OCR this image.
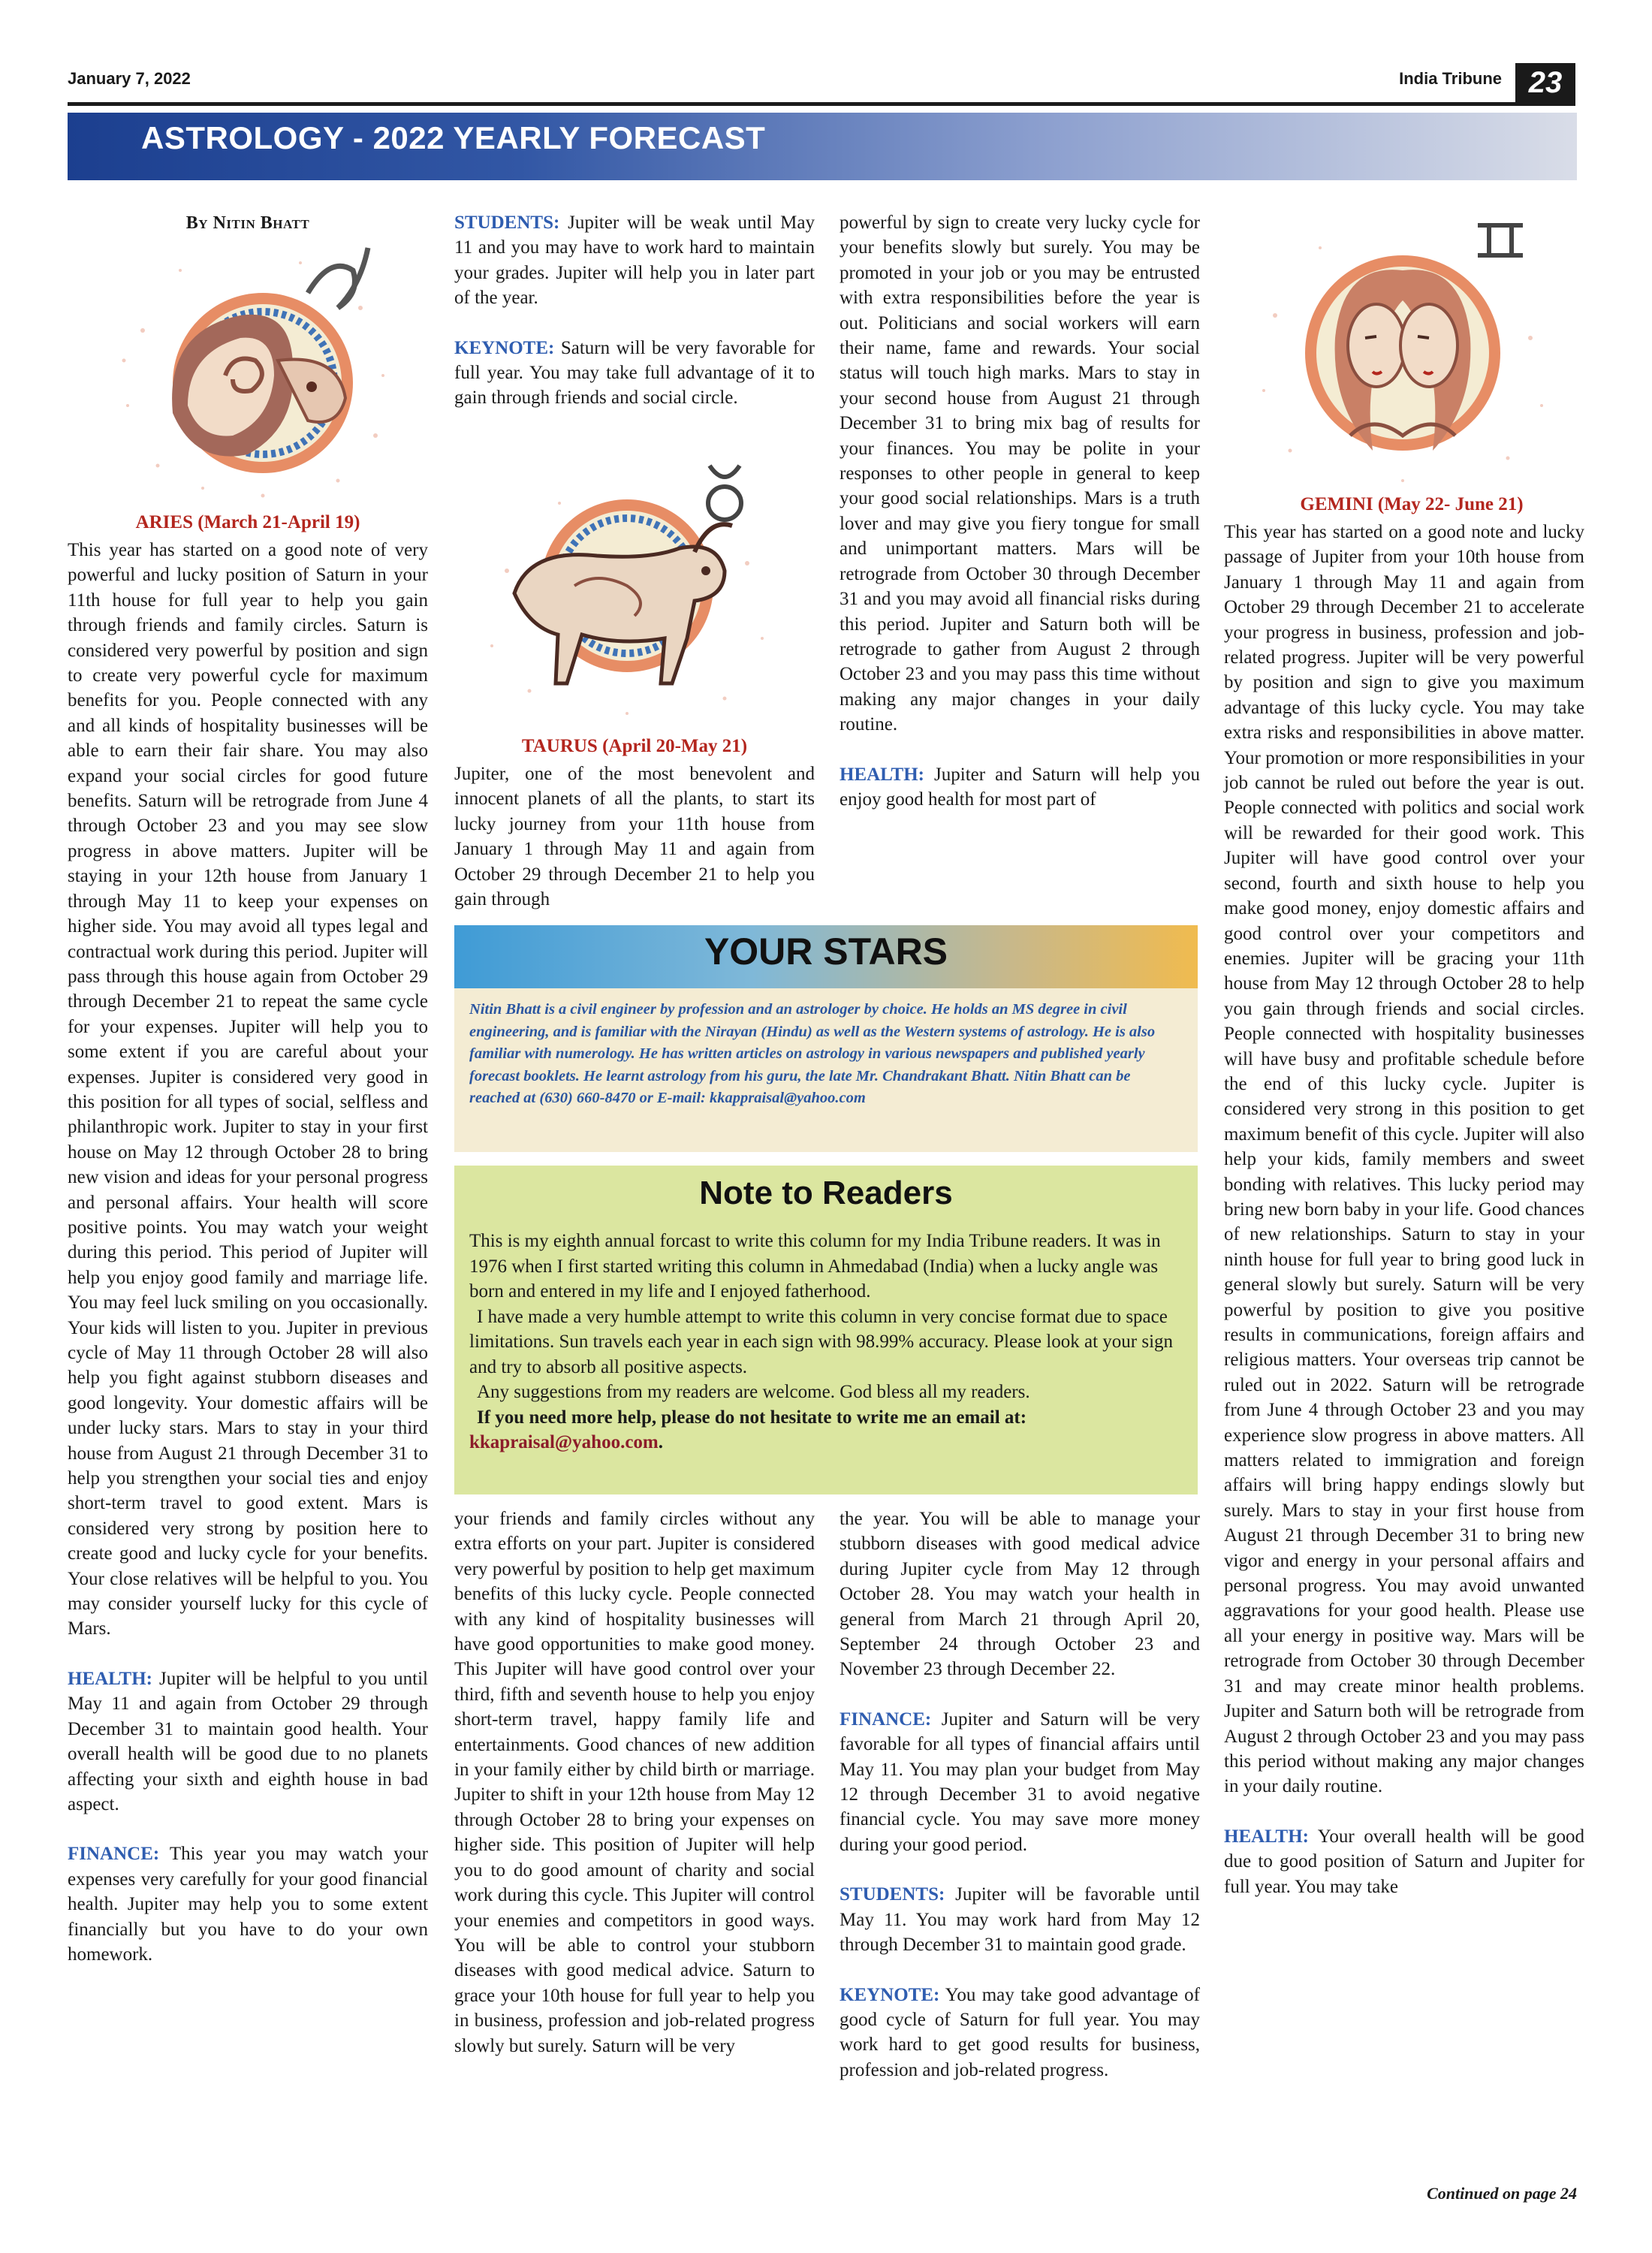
January 7, 2022	India Tribune 23
ASTROLOGY - 2022 YEARLY FORECAST
By Nitin Bhatt
ARIES (March 21-April 19)

This year has started on a good note of very powerful and lucky position of Saturn in your 11th house for full year to help you gain through friends and family circles. Saturn is considered very powerful by position and sign to create very powerful cycle for maximum benefits for you. People connected with any and all kinds of hospitality businesses will be able to earn their fair share. You may also expand your social circles for good future benefits. Saturn will be retrograde from June 4 through October 23 and you may see slow progress in above matters. Jupiter will be staying in your 12th house from January 1 through May 11 to keep your expenses on higher side. You may avoid all types legal and contractual work during this period. Jupiter will pass through this house again from October 29 through December 21 to repeat the same cycle for your expenses. Jupiter will help you to some extent if you are careful about your expenses. Jupiter is considered very good in this position for all types of social, selfless and philanthropic work. Jupiter to stay in your first house on May 12 through October 28 to bring new vision and ideas for your personal progress and personal affairs. Your health will score positive points. You may watch your weight during this period. This period of Jupiter will help you enjoy good family and marriage life. You may feel luck smiling on you occasionally. Your kids will listen to you. Jupiter in previous cycle of May 11 through October 28 will also help you fight against stubborn diseases and good longevity. Your domestic affairs will be under lucky stars. Mars to stay in your third house from August 21 through December 31 to help you strengthen your social ties and enjoy short-term travel to good extent. Mars is considered very strong by position here to create good and lucky cycle for your benefits. Your close relatives will be helpful to you. You may consider yourself lucky for this cycle of Mars.

HEALTH: Jupiter will be helpful to you until May 11 and again from October 29 through December 31 to maintain good health. Your overall health will be good due to no planets affecting your sixth and eighth house in bad aspect.

FINANCE: This year you may watch your expenses very carefully for your good financial health. Jupiter may help you to some extent financially but you have to do your own homework.

STUDENTS: Jupiter will be weak until May 11 and you may have to work hard to maintain your grades. Jupiter will help you in later part of the year.

KEYNOTE: Saturn will be very favorable for full year. You may take full advantage of it to gain through friends and social circle.

TAURUS (April 20-May 21)

Jupiter, one of the most benevolent and innocent planets of all the plants, to start its lucky journey from your 11th house from January 1 through May 11 and again from October 29 through December 21 to help you gain through

powerful by sign to create very lucky cycle for your benefits slowly but surely. You may be promoted in your job or you may be entrusted with extra responsibilities before the year is out. Politicians and social workers will earn their name, fame and rewards. Your social status will touch high marks. Mars to stay in your second house from August 21 through December 31 to bring mix bag of results for your finances. You may be polite in your responses to other people in general to keep your good social relationships. Mars is a truth lover and may give you fiery tongue for small and unimportant matters. Mars will be retrograde from October 30 through December 31 and you may avoid all financial risks during this period. Jupiter and Saturn both will be retrograde to gather from August 2 through October 23 and you may pass this time without making any major changes in your daily routine.

HEALTH: Jupiter and Saturn will help you enjoy good health for most part of

YOUR STARS
Nitin Bhatt is a civil engineer by profession and an astrologer by choice. He holds an MS degree in civil engineering, and is familiar with the Nirayan (Hindu) as well as the Western systems of astrology. He is also familiar with numerology. He has written articles on astrology in various newspapers and published yearly forecast booklets. He learnt astrology from his guru, the late Mr. Chandrakant Bhatt. Nitin Bhatt can be reached at (630) 660-8470 or E-mail: kkappraisal@yahoo.com
Note to Readers

This is my eighth annual forcast to write this column for my India Tribune readers. It was in 1976 when I first started writing this column in Ahmedabad (India) when a lucky angle was born and entered in my life and I enjoyed fatherhood.

I have made a very humble attempt to write this column in very concise format due to space limitations. Sun travels each year in each sign with 98.99% accuracy. Please look at your sign and try to absorb all positive aspects.

Any suggestions from my readers are welcome. God bless all my readers.

If you need more help, please do not hesitate to write me an email at:

kkapraisal@yahoo.com.

your friends and family circles without any extra efforts on your part. Jupiter is considered very powerful by position to help get maximum benefits of this lucky cycle. People connected with any kind of hospitality businesses will have good opportunities to make good money. This Jupiter will have good control over your third, fifth and seventh house to help you enjoy short-term travel, happy family life and entertainments. Good chances of new addition in your family either by child birth or marriage. Jupiter to shift in your 12th house from May 12 through October 28 to bring your expenses on higher side. This position of Jupiter will help you to do good amount of charity and social work during this cycle. This Jupiter will control your enemies and competitors in good ways. You will be able to control your stubborn diseases with good medical advice. Saturn to grace your 10th house for full year to help you in business, profession and job-related progress slowly but surely. Saturn will be very

the year. You will be able to manage your stubborn diseases with good medical advice during Jupiter cycle from May 12 through October 28. You may watch your health in general from March 21 through April 20, September 24 through October 23 and November 23 through December 22.

FINANCE: Jupiter and Saturn will be very favorable for all types of financial affairs until May 11. You may plan your budget from May 12 through December 31 to avoid negative financial cycle. You may save more money during your good period.

STUDENTS: Jupiter will be favorable until May 11. You may work hard from May 12 through December 31 to maintain good grade.

KEYNOTE: You may take good advantage of good cycle of Saturn for full year. You may work hard to get good results for business, profession and job-related progress.

GEMINI (May 22- June 21)

This year has started on a good note and lucky passage of Jupiter from your 10th house from January 1 through May 11 and again from October 29 through December 21 to accelerate your progress in business, profession and job-related progress. Jupiter will be very powerful by position and sign to give you maximum advantage of this lucky cycle. You may take extra risks and responsibilities in above matter. Your promotion or more responsibilities in your job cannot be ruled out before the year is out. People connected with politics and social work will be rewarded for their good work. This Jupiter will have good control over your second, fourth and sixth house to help you make good money, enjoy domestic affairs and good control over your competitors and enemies. Jupiter will be gracing your 11th house from May 12 through October 28 to help you gain through friends and social circles. People connected with hospitality businesses will have busy and profitable schedule before the end of this lucky cycle. Jupiter is considered very strong in this position to get maximum benefit of this cycle. Jupiter will also help your kids, family members and sweet bonding with relatives. This lucky period may bring new born baby in your life. Good chances of new relationships. Saturn to stay in your ninth house for full year to bring good luck in general slowly but surely. Saturn will be very powerful by position to give you positive results in communications, foreign affairs and religious matters. Your overseas trip cannot be ruled out in 2022. Saturn will be retrograde from June 4 through October 23 and you may experience slow progress in above matters. All matters related to immigration and foreign affairs will bring happy endings slowly but surely. Mars to stay in your first house from August 21 through December 31 to bring new vigor and energy in your personal affairs and personal progress. You may avoid unwanted aggravations for your good health. Please use all your energy in positive way. Mars will be retrograde from October 30 through December 31 and may create minor health problems. Jupiter and Saturn both will be retrograde from August 2 through October 23 and you may pass this period without making any major changes in your daily routine.

HEALTH: Your overall health will be good due to good position of Saturn and Jupiter for full year. You may take

Continued on page 24
